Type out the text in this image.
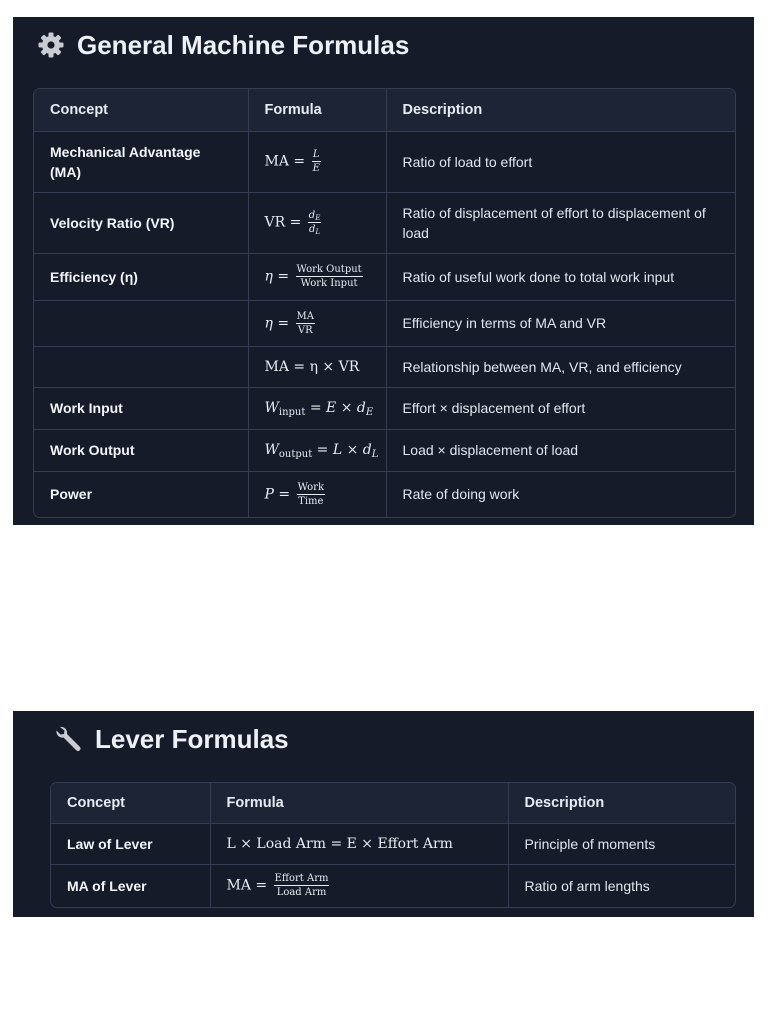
General Machine Formulas
Concept	Formula	Description
Mechanical Advantage (MA)	MA = $\frac{L}{E}$	Ratio of load to effort
Velocity Ratio (VR)	VR = $\frac{d_E}{d_L}$	Ratio of displacement of effort to displacement of load
Efficiency (η)	$\eta = \frac{\text{Work Output}}{\text{Work Input}}$	Ratio of useful work done to total work input
	$\eta = \frac{MA}{VR}$	Efficiency in terms of MA and VR
	MA = η × VR	Relationship between MA, VR, and efficiency
Work Input	$W_{input} = E \times d_E$	Effort × displacement of effort
Work Output	$W_{output} = L \times d_L$	Load × displacement of load
Power	$P = \frac{\text{Work}}{\text{Time}}$	Rate of doing work
Lever Formulas
Concept	Formula	Description
Law of Lever	L × Load Arm = E × Effort Arm	Principle of moments
MA of Lever	MA = $\frac{\text{Effort Arm}}{\text{Load Arm}}$	Ratio of arm lengths
